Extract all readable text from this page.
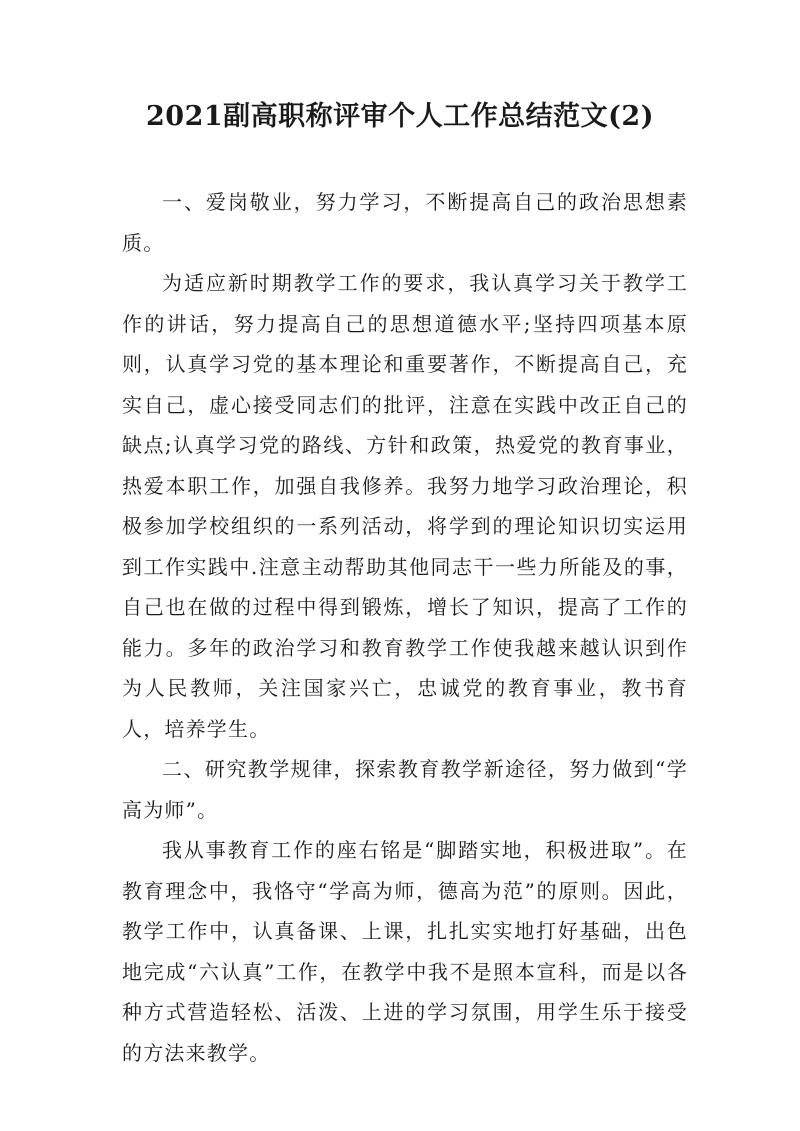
2021副高职称评审个人工作总结范文(2)

一、爱岗敬业，努力学习，不断提高自己的政治思想素质。

为适应新时期教学工作的要求，我认真学习关于教学工作的讲话，努力提高自己的思想道德水平;坚持四项基本原则，认真学习党的基本理论和重要著作，不断提高自己，充实自己，虚心接受同志们的批评，注意在实践中改正自己的缺点;认真学习党的路线、方针和政策，热爱党的教育事业，热爱本职工作，加强自我修养。我努力地学习政治理论，积极参加学校组织的一系列活动，将学到的理论知识切实运用到工作实践中.注意主动帮助其他同志干一些力所能及的事，自己也在做的过程中得到锻炼，增长了知识，提高了工作的能力。多年的政治学习和教育教学工作使我越来越认识到作为人民教师，关注国家兴亡，忠诚党的教育事业，教书育人，培养学生。

二、研究教学规律，探索教育教学新途径，努力做到“学高为师”。

我从事教育工作的座右铭是“脚踏实地，积极进取”。在教育理念中，我恪守“学高为师，德高为范”的原则。因此，教学工作中，认真备课、上课，扎扎实实地打好基础，出色地完成“六认真”工作，在教学中我不是照本宣科，而是以各种方式营造轻松、活泼、上进的学习氛围，用学生乐于接受的方法来教学。
